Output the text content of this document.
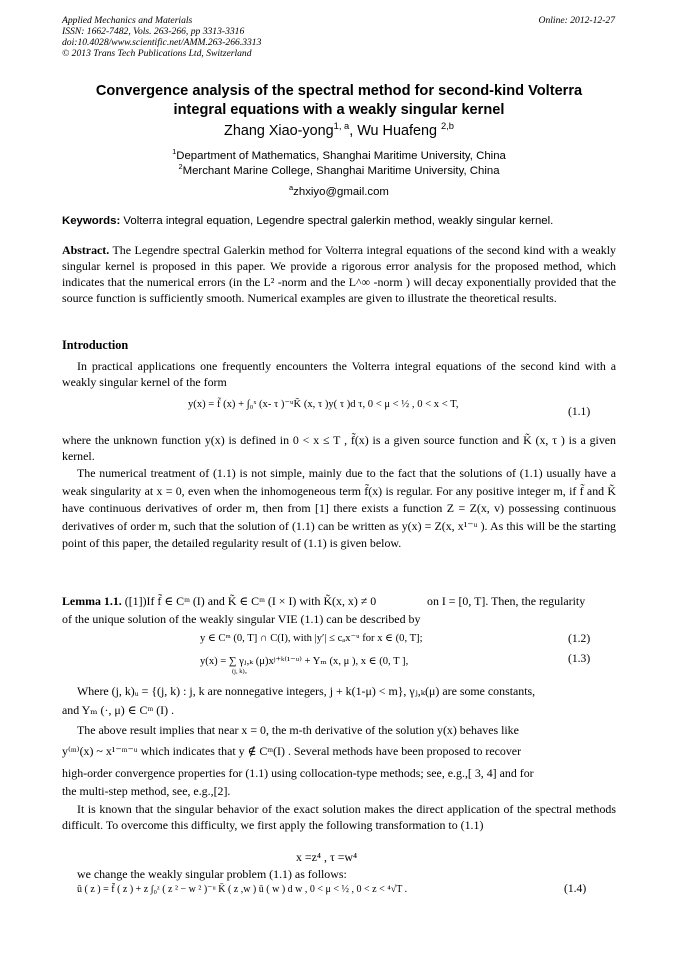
Applied Mechanics and Materials
ISSN: 1662-7482, Vols. 263-266, pp 3313-3316
doi:10.4028/www.scientific.net/AMM.263-266.3313
© 2013 Trans Tech Publications Ltd, Switzerland
Online: 2012-12-27
Convergence analysis of the spectral method for second-kind Volterra
integral equations with a weakly singular kernel
Zhang Xiao-yong$^{1, a}$, Wu Huafeng $^{2,b}$
$^1$Department of Mathematics, Shanghai Maritime University, China
$^2$Merchant Marine College, Shanghai Maritime University, China
$^a$zhxiyo@gmail.com
Keywords: Volterra integral equation, Legendre spectral galerkin method, weakly singular kernel.
Abstract. The Legendre spectral Galerkin method for Volterra integral equations of the second kind with a weakly singular kernel is proposed in this paper. We provide a rigorous error analysis for the proposed method, which indicates that the numerical errors (in the L² -norm and the L^∞ -norm ) will decay exponentially provided that the source function is sufficiently smooth. Numerical examples are given to illustrate the theoretical results.
Introduction
In practical applications one frequently encounters the Volterra integral equations of the second kind with a weakly singular kernel of the form
y(x) = f̃ (x) + ∫₀ˣ (x- τ )⁻ᵘK̃ (x, τ )y( τ )d τ, 0 < μ < ½ , 0 < x < T,
(1.1)
where the unknown function y(x) is defined in 0 < x ≤ T , f̃(x) is a given source function and K̃ (x, τ ) is a given kernel.
The numerical treatment of (1.1) is not simple, mainly due to the fact that the solutions of (1.1) usually have a weak singularity at x = 0, even when the inhomogeneous term f̃(x) is regular. For any positive integer m, if f̃ and K̃ have continuous derivatives of order m, then from [1] there exists a function Z = Z(x, v) possessing continuous derivatives of order m, such that the solution of (1.1) can be written as y(x) = Z(x, x¹⁻ᵘ ). As this will be the starting point of this paper, the detailed regularity result of (1.1) is given below.
Lemma 1.1. ([1])If f̃ ∈ Cᵐ (I) and K̃ ∈ Cᵐ (I × I) with K̃(x, x) ≠ 0	on I = [0, T]. Then, the regularity
of the unique solution of the weakly singular VIE (1.1) can be described by
y ∈ Cᵐ (0, T] ∩ C(I), with |y′| ≤ cₐx⁻ᵘ for x ∈ (0, T];	(1.2)
y(x) = ∑ γⱼ,ₖ (μ)xʲ⁺ᵏ⁽¹⁻ᵘ⁾ + Yₘ (x, μ ), x ∈ (0, T ],
(j, k)ᵤ
(1.3)
Where (j, k)ᵤ = {(j, k) : j, k are nonnegative integers, j + k(1-μ) < m}, γⱼ,ₖ(μ) are some constants,
and Yₘ (·, μ) ∈ Cᵐ (I) .
The above result implies that near x = 0, the m-th derivative of the solution y(x) behaves like
y⁽ᵐ⁾(x) ~ x¹⁻ᵐ⁻ᵘ which indicates that y ∉ Cᵐ(I) . Several methods have been proposed to recover
high-order convergence properties for (1.1) using collocation-type methods; see, e.g.,[ 3, 4] and for
the multi-step method, see, e.g.,[2].
It is known that the singular behavior of the exact solution makes the direct application of the spectral methods difficult. To overcome this difficulty, we first apply the following transformation to (1.1)
x =z⁴ , τ =w⁴
we change the weakly singular problem (1.1) as follows:
ū ( z ) = f̄ ( z ) + z ∫₀ᶻ ( z ² − w ² )⁻ᵘ K̄ ( z ,w ) ū ( w ) d w , 0 < μ < ½ , 0 < z < ⁴√T .	(1.4)
